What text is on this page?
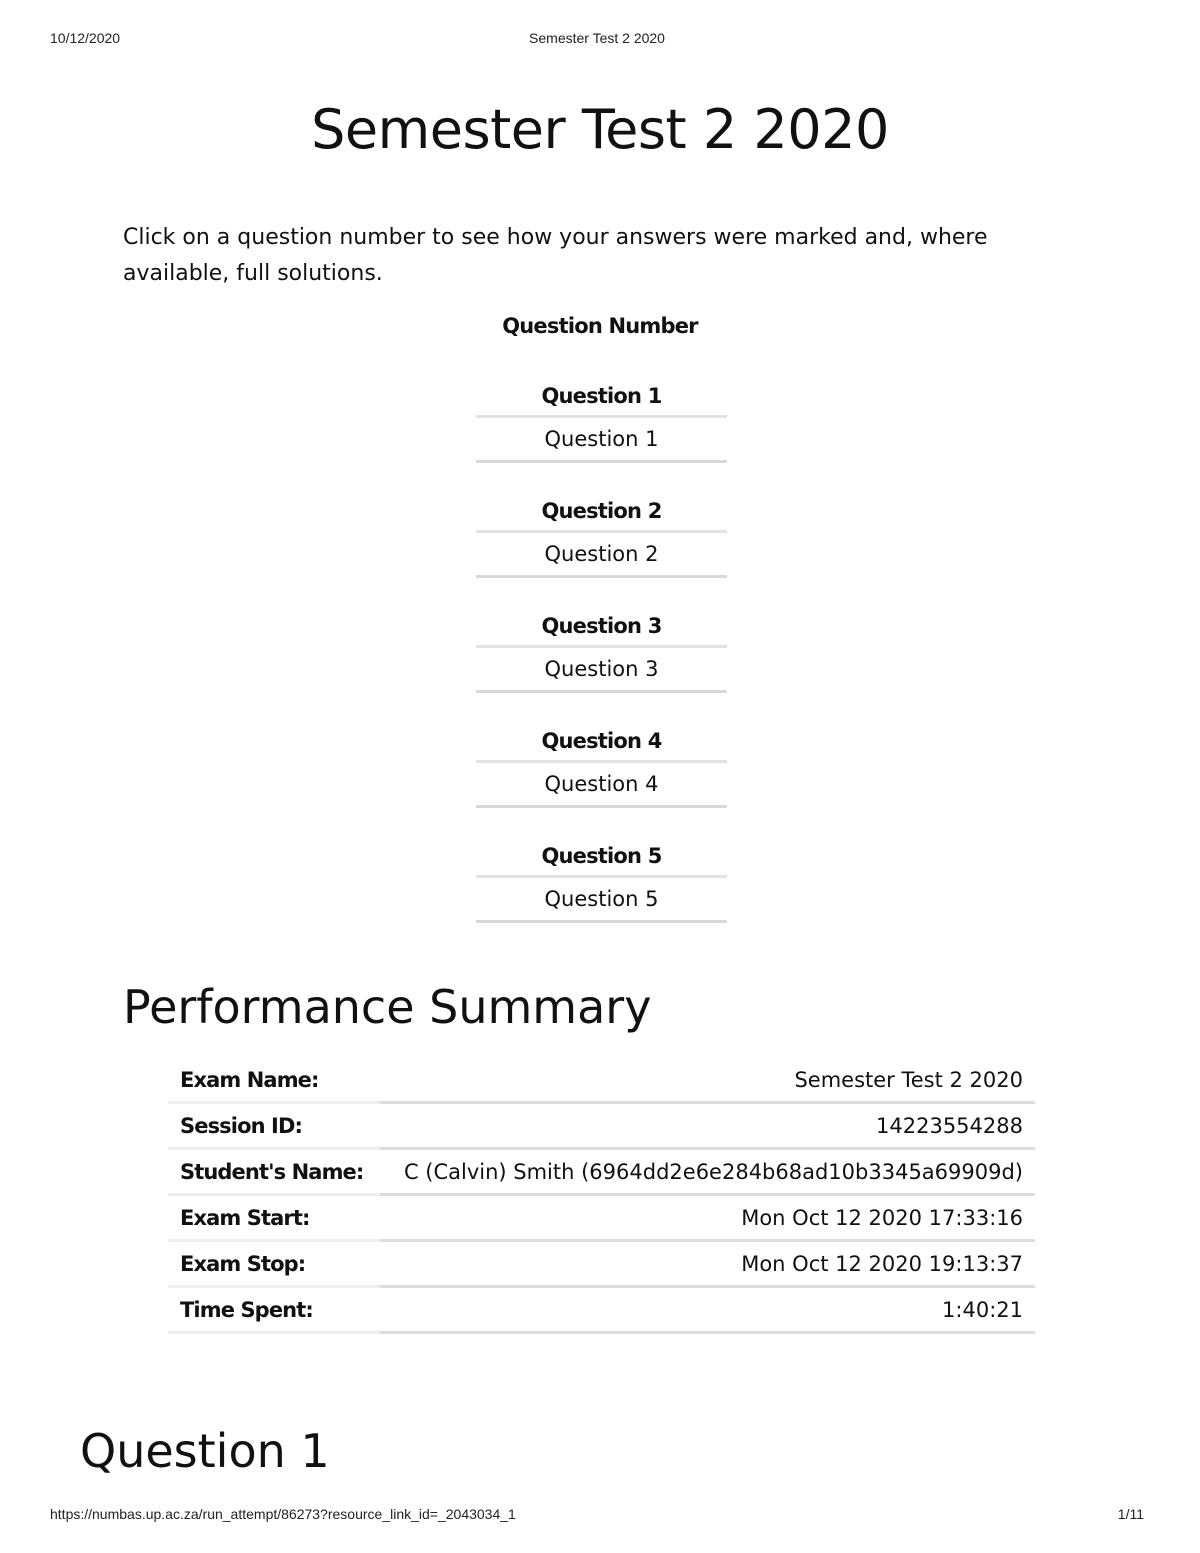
10/12/2020	Semester Test 2 2020
Semester Test 2 2020

Click on a question number to see how your answers were marked and, where available, full solutions.

Question Number
Question 1
Question 1
Question 2
Question 2
Question 3
Question 3
Question 4
Question 4
Question 5
Question 5
Performance Summary
Exam Name:	Semester Test 2 2020
Session ID:	14223554288
Student's Name:	C (Calvin) Smith (6964dd2e6e284b68ad10b3345a69909d)
Exam Start:	Mon Oct 12 2020 17:33:16
Exam Stop:	Mon Oct 12 2020 19:13:37
Time Spent:	1:40:21
Question 1
https://numbas.up.ac.za/run_attempt/86273?resource_link_id=_2043034_1	1/11
